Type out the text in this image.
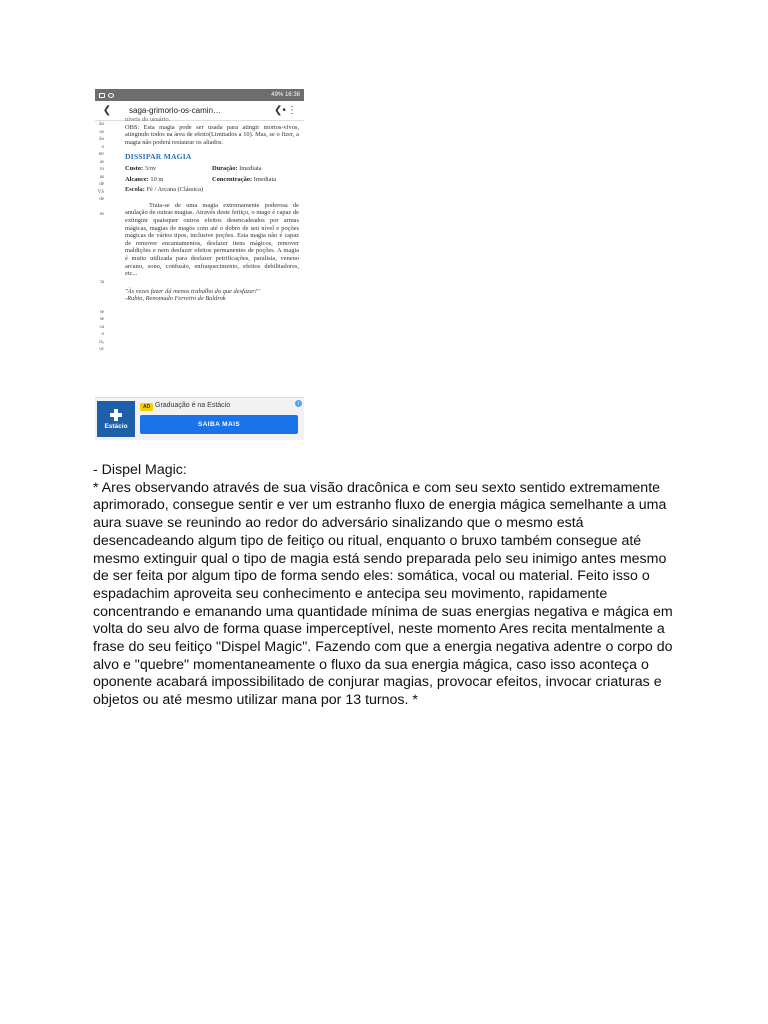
49% 16:36
❮	saga-grimorio-os-camin…	❮• ⋮
ão
os
ão
o
ter
as
to
as
de
VS
de

es

ta

se
se
ca
o
ia,
uc

níveis do usuário.

OBS: Esta magia pode ser usada para atingir mortos-vivos, atingindo todos na área de efeito(Limitados a 10). Mas, se o fizer, a magia não poderá restaurar os aliados.

DISSIPAR MAGIA
Custo: 3/nv	Duração: Imediata
Alcance: 10 m	Concentração: Imediata
Escola: Fé / Arcana (Clássica)

Trata-se de uma magia extremamente poderosa de anulação de outras magias. Através deste feitiço, o mago é capaz de extinguir quaisquer outros efeitos desencadeados por armas mágicas, magias de magos com até o dobro de seu nível e poções mágicas de vários tipos, inclusive poções. Esta magia não é capaz de remover encantamentos, desfazer itens mágicos, remover maldições e nem desfazer efeitos permanentes de poções. A magia é muito utilizada para desfazer petrificações, paralisia, veneno arcano, sono, confusão, enfraquecimento, efeitos debilitadores, etc...

"Às vezes fazer dá menos trabalho do que desfazer!"
-Rubio, Renomado Ferreiro de Baldrok
Estácio
AD Graduação é na Estácio
SAIBA MAIS
i

- Dispel Magic:

* Ares observando através de sua visão dracônica e com seu sexto sentido extremamente aprimorado, consegue sentir e ver um estranho fluxo de energia mágica semelhante a uma aura suave se reunindo ao redor do adversário sinalizando que o mesmo está desencadeando algum tipo de feitiço ou ritual, enquanto o bruxo também consegue até mesmo extinguir qual o tipo de magia está sendo preparada pelo seu inimigo antes mesmo de ser feita por algum tipo de forma sendo eles: somática, vocal ou material. Feito isso o espadachim aproveita seu conhecimento e antecipa seu movimento, rapidamente concentrando e emanando uma quantidade mínima de suas energias negativa e mágica em volta do seu alvo de forma quase imperceptível, neste momento Ares recita mentalmente a frase do seu feitiço "Dispel Magic". Fazendo com que a energia negativa adentre o corpo do alvo e "quebre" momentaneamente o fluxo da sua energia mágica, caso isso aconteça o oponente acabará impossibilitado de conjurar magias, provocar efeitos, invocar criaturas e objetos ou até mesmo utilizar mana por 13 turnos. *
